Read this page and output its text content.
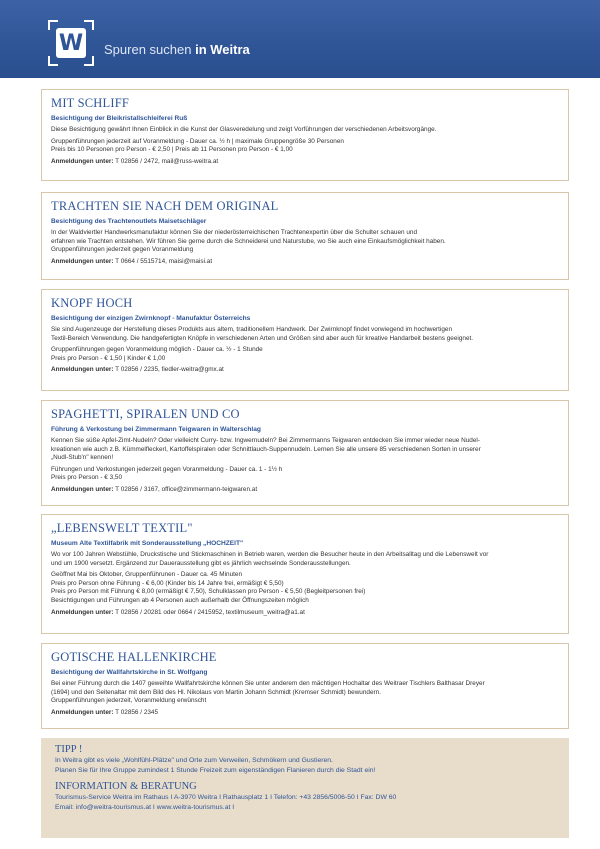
W Spuren suchen in Weitra
MIT SCHLIFF
Besichtigung der Bleikristallschleiferei Ruß

Diese Besichtigung gewährt Ihnen Einblick in die Kunst der Glasveredelung und zeigt Vorführungen der verschiedenen Arbeitsvorgänge.

Gruppenführungen jederzeit auf Voranmeldung - Dauer ca. ½ h | maximale Gruppengröße 30 Personen
Preis bis 10 Personen pro Person - € 2,50 | Preis ab 11 Personen pro Person - € 1,00

Anmeldungen unter: T 02856 / 2472, mail@russ-weitra.at

TRACHTEN SIE NACH DEM ORIGINAL
Besichtigung des Trachtenoutlets Maisetschläger

In der Waldviertler Handwerksmanufaktur können Sie der niederösterreichischen Trachtenexpertin über die Schulter schauen und
erfahren wie Trachten entstehen. Wir führen Sie gerne durch die Schneiderei und Naturstube, wo Sie auch eine Einkaufsmöglichkeit haben.
Gruppenführungen jederzeit gegen Voranmeldung

Anmeldungen unter: T 0664 / 5515714, maisi@maisi.at

KNOPF HOCH
Besichtigung der einzigen Zwirnknopf - Manufaktur Österreichs

Sie sind Augenzeuge der Herstellung dieses Produkts aus altem, traditionellem Handwerk. Der Zwirnknopf findet vorwiegend im hochwertigen
Textil-Bereich Verwendung. Die handgefertigten Knöpfe in verschiedenen Arten und Größen sind aber auch für kreative Handarbeit bestens geeignet.

Gruppenführungen gegen Voranmeldung möglich - Dauer ca. ½ - 1 Stunde
Preis pro Person - € 1,50 | Kinder € 1,00

Anmeldungen unter: T 02856 / 2235, fiedler-weitra@gmx.at

SPAGHETTI, SPIRALEN UND CO
Führung & Verkostung bei Zimmermann Teigwaren in Walterschlag

Kennen Sie süße Apfel-Zimt-Nudeln? Oder vielleicht Curry- bzw. Ingwernudeln? Bei Zimmermanns Teigwaren entdecken Sie immer wieder neue Nudel-
kreationen wie auch z.B. Kümmelfleckerl, Kartoffelspiralen oder Schnittlauch-Suppennudeln. Lernen Sie alle unsere 85 verschiedenen Sorten in unserer
„Nudl-Stub'n" kennen!

Führungen und Verkostungen jederzeit gegen Voranmeldung - Dauer ca. 1 - 1½ h
Preis pro Person - € 3,50

Anmeldungen unter: T 02856 / 3167, office@zimmermann-teigwaren.at

„LEBENSWELT TEXTIL"
Museum Alte Textilfabrik mit Sonderausstellung „HOCHZEIT"

Wo vor 100 Jahren Webstühle, Druckstische und Stickmaschinen in Betrieb waren, werden die Besucher heute in den Arbeitsalltag und die Lebenswelt vor
und um 1900 versetzt. Ergänzend zur Dauerausstellung gibt es jährlich wechselnde Sonderausstellungen.

Geöffnet Mai bis Oktober, Gruppenführunen - Dauer ca. 45 Minuten
Preis pro Person ohne Führung - € 6,00 (Kinder bis 14 Jahre frei, ermäßigt € 5,50)
Preis pro Person mit Führung € 8,00 (ermäßigt € 7,50), Schulklassen pro Person - € 5,50 (Begleitpersonen frei)
Besichtigungen und Führungen ab 4 Personen auch außerhalb der Öffnungszeiten möglich

Anmeldungen unter: T 02856 / 20281 oder 0664 / 2415952, textilmuseum_weitra@a1.at

GOTISCHE HALLENKIRCHE
Besichtigung der Wallfahrtskirche in St. Wolfgang

Bei einer Führung durch die 1407 geweihte Wallfahrtskirche können Sie unter anderem den mächtigen Hochaltar des Weitraer Tischlers Balthasar Dreyer
(1694) und den Seitenaltar mit dem Bild des Hl. Nikolaus von Martin Johann Schmidt (Kremser Schmidt) bewundern.
Gruppenführungen jederzeit, Voranmeldung erwünscht

Anmeldungen unter: T 02856 / 2345

TIPP !

In Weitra gibt es viele „Wohlfühl-Plätze" und Orte zum Verweilen, Schmökern und Gustieren.
Planen Sie für Ihre Gruppe zumindest 1 Stunde Freizeit zum eigenständigen Flanieren durch die Stadt ein!

INFORMATION & BERATUNG

Tourismus-Service Weitra im Rathaus I A-3970 Weitra I Rathausplatz 1 I Telefon: +43 2856/5006-50 I Fax: DW 60
Email: info@weitra-tourismus.at I www.weitra-tourismus.at I
